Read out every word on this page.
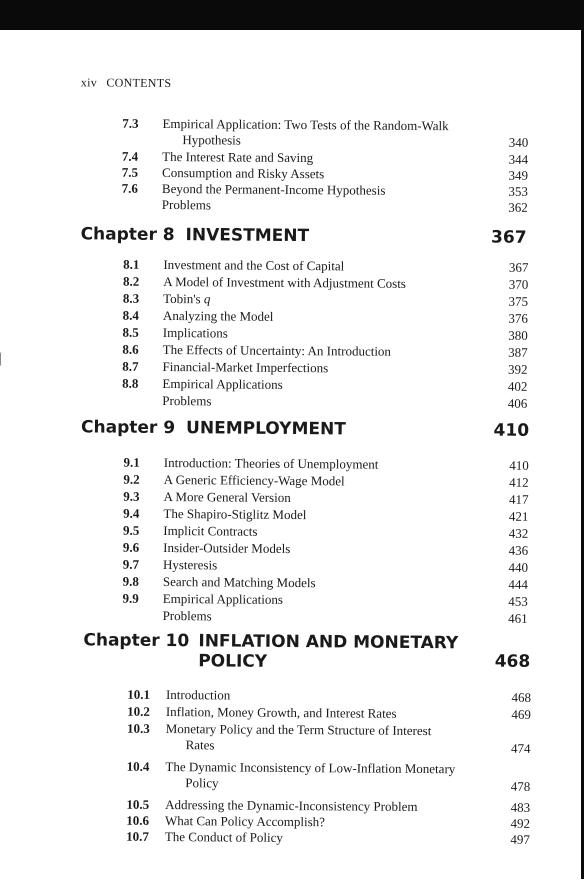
xiv CONTENTS
7.3 Empirical Application: Two Tests of the Random-Walk
Hypothesis	340
7.4 The Interest Rate and Saving	344
7.5 Consumption and Risky Assets	349
7.6 Beyond the Permanent-Income Hypothesis	353
Problems	362
Chapter 8 INVESTMENT	367
8.1 Investment and the Cost of Capital	367
8.2 A Model of Investment with Adjustment Costs	370
8.3 Tobin's q	375
8.4 Analyzing the Model	376
8.5 Implications	380
8.6 The Effects of Uncertainty: An Introduction	387
8.7 Financial-Market Imperfections	392
8.8 Empirical Applications	402
Problems	406
Chapter 9 UNEMPLOYMENT	410
9.1 Introduction: Theories of Unemployment	410
9.2 A Generic Efficiency-Wage Model	412
9.3 A More General Version	417
9.4 The Shapiro-Stiglitz Model	421
9.5 Implicit Contracts	432
9.6 Insider-Outsider Models	436
9.7 Hysteresis	440
9.8 Search and Matching Models	444
9.9 Empirical Applications	453
Problems	461
Chapter 10 INFLATION AND MONETARY
POLICY	468
10.1 Introduction	468
10.2 Inflation, Money Growth, and Interest Rates	469
10.3 Monetary Policy and the Term Structure of Interest
Rates	474
10.4 The Dynamic Inconsistency of Low-Inflation Monetary
Policy	478
10.5 Addressing the Dynamic-Inconsistency Problem	483
10.6 What Can Policy Accomplish?	492
10.7 The Conduct of Policy	497
